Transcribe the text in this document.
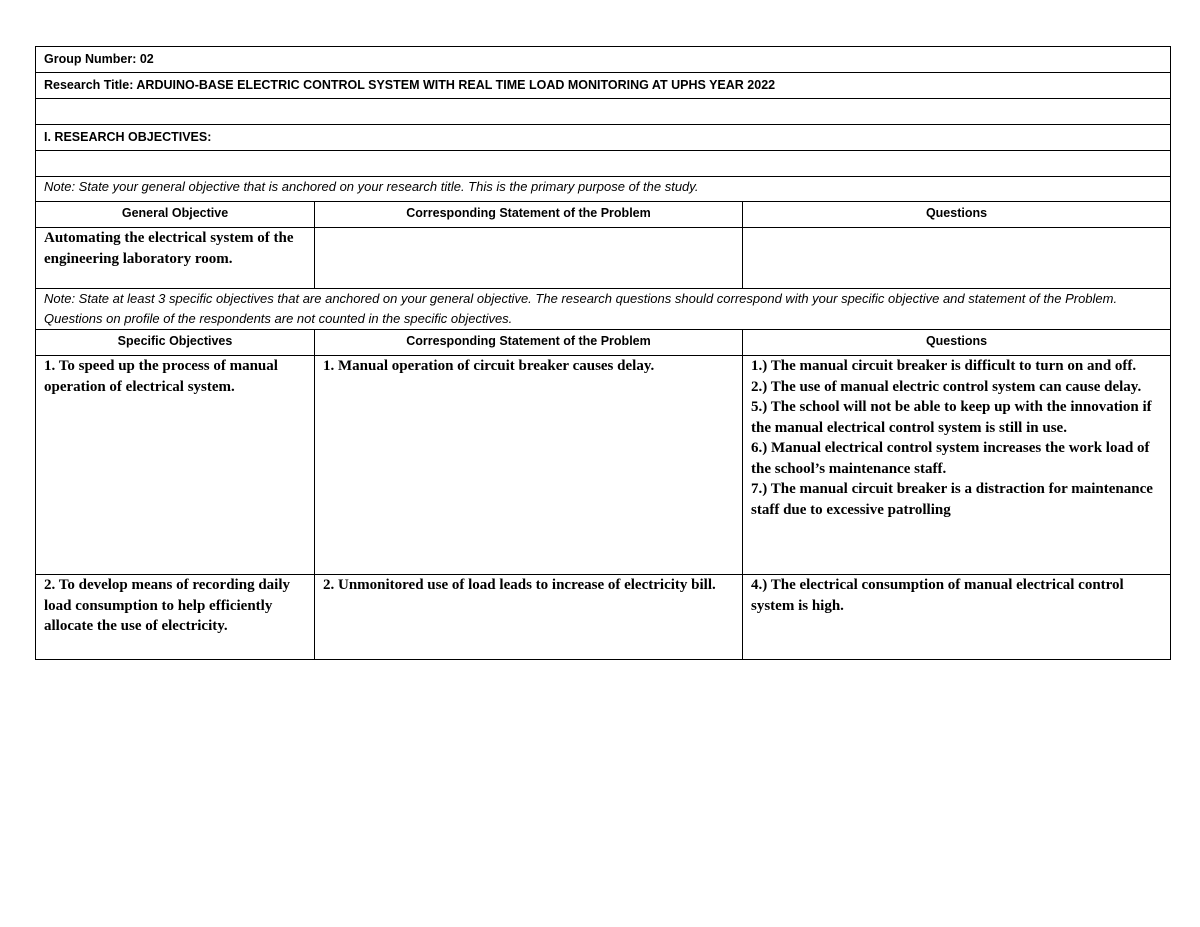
Group Number: 02		
Research Title: ARDUINO-BASE ELECTRIC CONTROL SYSTEM WITH REAL TIME LOAD MONITORING AT UPHS YEAR 2022		

I. RESEARCH OBJECTIVES:		

Note: State your general objective that is anchored on your research title. This is the primary purpose of the study.		
General Objective	Corresponding Statement of the Problem	Questions
Automating the electrical system of the engineering laboratory room.		
Note: State at least 3 specific objectives that are anchored on your general objective. The research questions should correspond with your specific objective and statement of the Problem. Questions on profile of the respondents are not counted in the specific objectives.		
Specific Objectives	Corresponding Statement of the Problem	Questions
1. To speed up the process of manual operation of electrical system.	1. Manual operation of circuit breaker causes delay.	1.) The manual circuit breaker is difficult to turn on and off.
2.) The use of manual electric control system can cause delay.
5.) The school will not be able to keep up with the innovation if the manual electrical control system is still in use.
6.) Manual electrical control system increases the work load of the school’s maintenance staff.
7.) The manual circuit breaker is a distraction for maintenance staff due to excessive patrolling

2. To develop means of recording daily load consumption to help efficiently allocate the use of electricity.	2. Unmonitored use of load leads to increase of electricity bill.	4.) The electrical consumption of manual electrical control system is high.
